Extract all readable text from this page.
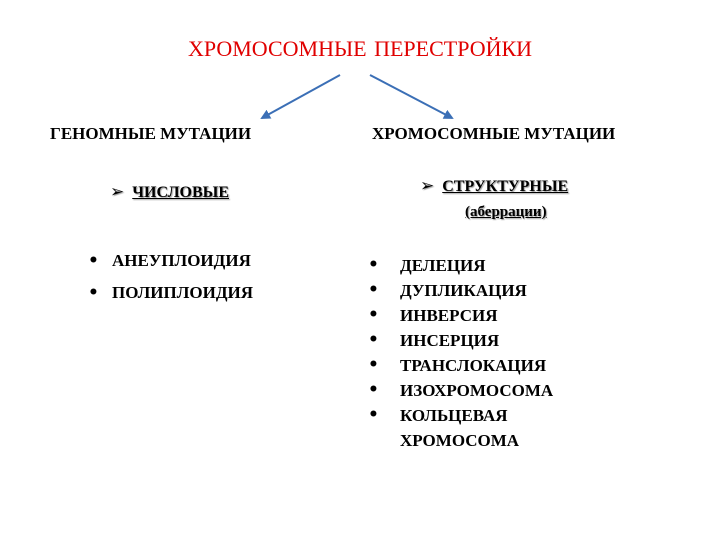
ХРОМОСОМНЫЕ ПЕРЕСТРОЙКИ
ГЕНОМНЫЕ МУТАЦИИ	ХРОМОСОМНЫЕ МУТАЦИИ
➢ ЧИСЛОВЫЕ	➢ СТРУКТУРНЫЕ
(аберрации)
• АНЕУПЛОИДИЯ
• ПОЛИПЛОИДИЯ
• ДЕЛЕЦИЯ
• ДУПЛИКАЦИЯ
• ИНВЕРСИЯ
• ИНСЕРЦИЯ
• ТРАНСЛОКАЦИЯ
• ИЗОХРОМОСОМА
• КОЛЬЦЕВАЯ ХРОМОСОМА
